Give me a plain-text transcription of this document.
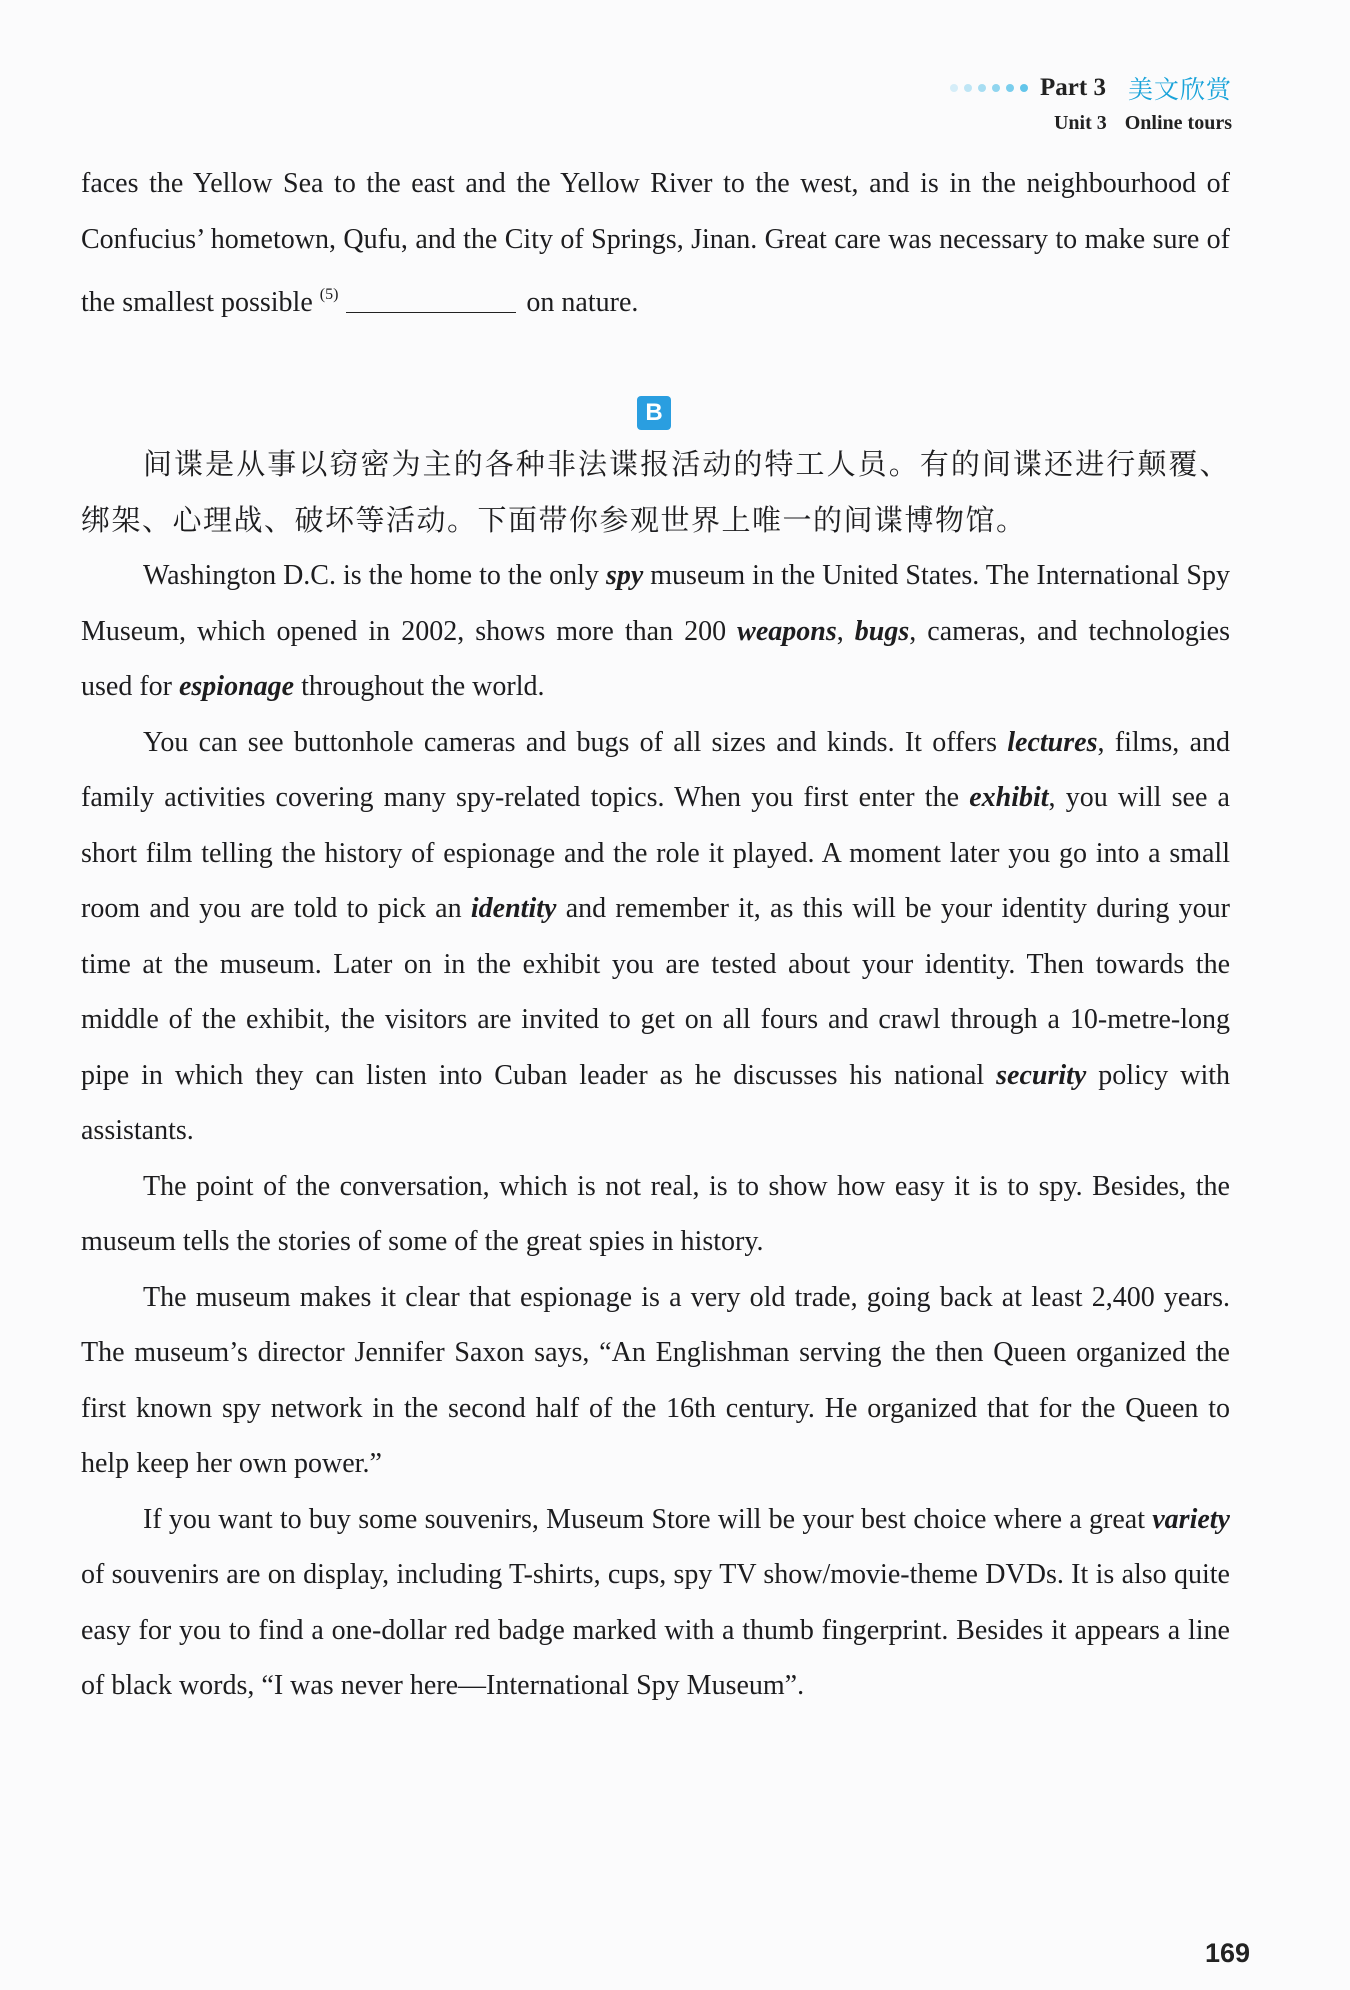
Part 3 美文欣赏
Unit 3 Online tours

faces the Yellow Sea to the east and the Yellow River to the west, and is in the neighbourhood of Confucius’ hometown, Qufu, and the City of Springs, Jinan. Great care was necessary to make sure of the smallest possible $^{(5)}$	on nature.

B

间谍是从事以窃密为主的各种非法谍报活动的特工人员。有的间谍还进行颠覆、绑架、心理战、破坏等活动。下面带你参观世界上唯一的间谍博物馆。

Washington D.C. is the home to the only spy museum in the United States. The International Spy Museum, which opened in 2002, shows more than 200 weapons, bugs, cameras, and technologies used for espionage throughout the world.

You can see buttonhole cameras and bugs of all sizes and kinds. It offers lectures, films, and family activities covering many spy-related topics. When you first enter the exhibit, you will see a short film telling the history of espionage and the role it played. A moment later you go into a small room and you are told to pick an identity and remember it, as this will be your identity during your time at the museum. Later on in the exhibit you are tested about your identity. Then towards the middle of the exhibit, the visitors are invited to get on all fours and crawl through a 10-metre-long pipe in which they can listen into Cuban leader as he discusses his national security policy with assistants.

The point of the conversation, which is not real, is to show how easy it is to spy. Besides, the museum tells the stories of some of the great spies in history.

The museum makes it clear that espionage is a very old trade, going back at least 2,400 years. The museum’s director Jennifer Saxon says, “An Englishman serving the then Queen organized the first known spy network in the second half of the 16th century. He organized that for the Queen to help keep her own power.”

If you want to buy some souvenirs, Museum Store will be your best choice where a great variety of souvenirs are on display, including T-shirts, cups, spy TV show/movie-theme DVDs. It is also quite easy for you to find a one-dollar red badge marked with a thumb fingerprint. Besides it appears a line of black words, “I was never here—International Spy Museum”.

169
